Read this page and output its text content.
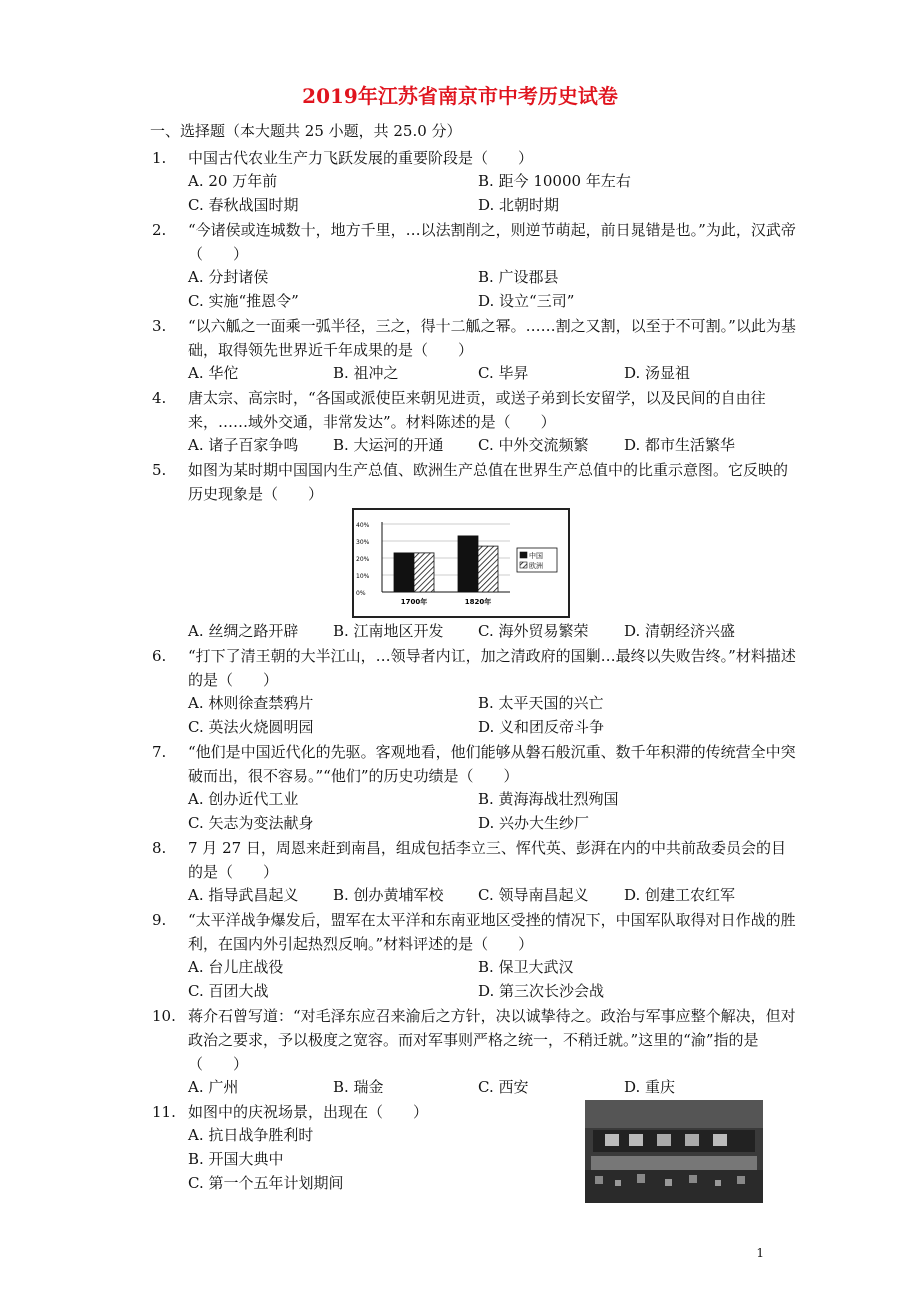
2019年江苏省南京市中考历史试卷
一、选择题（本大题共 25 小题，共 25.0 分）
1. 中国古代农业生产力飞跃发展的重要阶段是（　　）
A. 20 万年前	B. 距今 10000 年左右
C. 春秋战国时期	D. 北朝时期
2. “今诸侯或连城数十，地方千里，…以法割削之，则逆节萌起，前日晁错是也。”为此，汉武帝（　　）
A. 分封诸侯	B. 广设郡县
C. 实施“推恩令”	D. 设立“三司”
3. “以六觚之一面乘一弧半径，三之，得十二觚之幂。……割之又割，以至于不可割。”以此为基础，取得领先世界近千年成果的是（　　）
A. 华佗	B. 祖冲之	C. 毕昇	D. 汤显祖
4. 唐太宗、高宗时，“各国或派使臣来朝见进贡，或送子弟到长安留学，以及民间的自由往来，……域外交通，非常发达”。材料陈述的是（　　）
A. 诸子百家争鸣 B. 大运河的开通 C. 中外交流频繁 D. 都市生活繁华
5. 如图为某时期中国国内生产总值、欧洲生产总值在世界生产总值中的比重示意图。它反映的历史现象是（　　）
40%
30%
20%
10%
0%
1700年	1820年
中国
欧洲
A. 丝绸之路开辟 B. 江南地区开发 C. 海外贸易繁荣 D. 清朝经济兴盛
6. “打下了清王朝的大半江山，…领导者内讧，加之清政府的国剿…最终以失败告终。”材料描述的是（　　）
A. 林则徐查禁鸦片	B. 太平天国的兴亡
C. 英法火烧圆明园	D. 义和团反帝斗争
7. “他们是中国近代化的先驱。客观地看，他们能够从磐石般沉重、数千年积滞的传统营全中突破而出，很不容易。”“他们”的历史功绩是（　　）
A. 创办近代工业	B. 黄海海战壮烈殉国
C. 矢志为变法献身	D. 兴办大生纱厂
8. 7 月 27 日，周恩来赶到南昌，组成包括李立三、恽代英、彭湃在内的中共前敌委员会的目的是（　　）
A. 指导武昌起义 B. 创办黄埔军校 C. 领导南昌起义 D. 创建工农红军
9. “太平洋战争爆发后，盟军在太平洋和东南亚地区受挫的情况下，中国军队取得对日作战的胜利，在国内外引起热烈反响。”材料评述的是（　　）
A. 台儿庄战役	B. 保卫大武汉
C. 百团大战	D. 第三次长沙会战
10. 蒋介石曾写道：“对毛泽东应召来渝后之方针，决以诚挚待之。政治与军事应整个解决，但对政治之要求，予以极度之宽容。而对军事则严格之统一，不稍迁就。”这里的“渝”指的是（　　）
A. 广州	B. 瑞金	C. 西安	D. 重庆
11. 如图中的庆祝场景，出现在（　　）
A. 抗日战争胜利时
B. 开国大典中
C. 第一个五年计划期间
1
